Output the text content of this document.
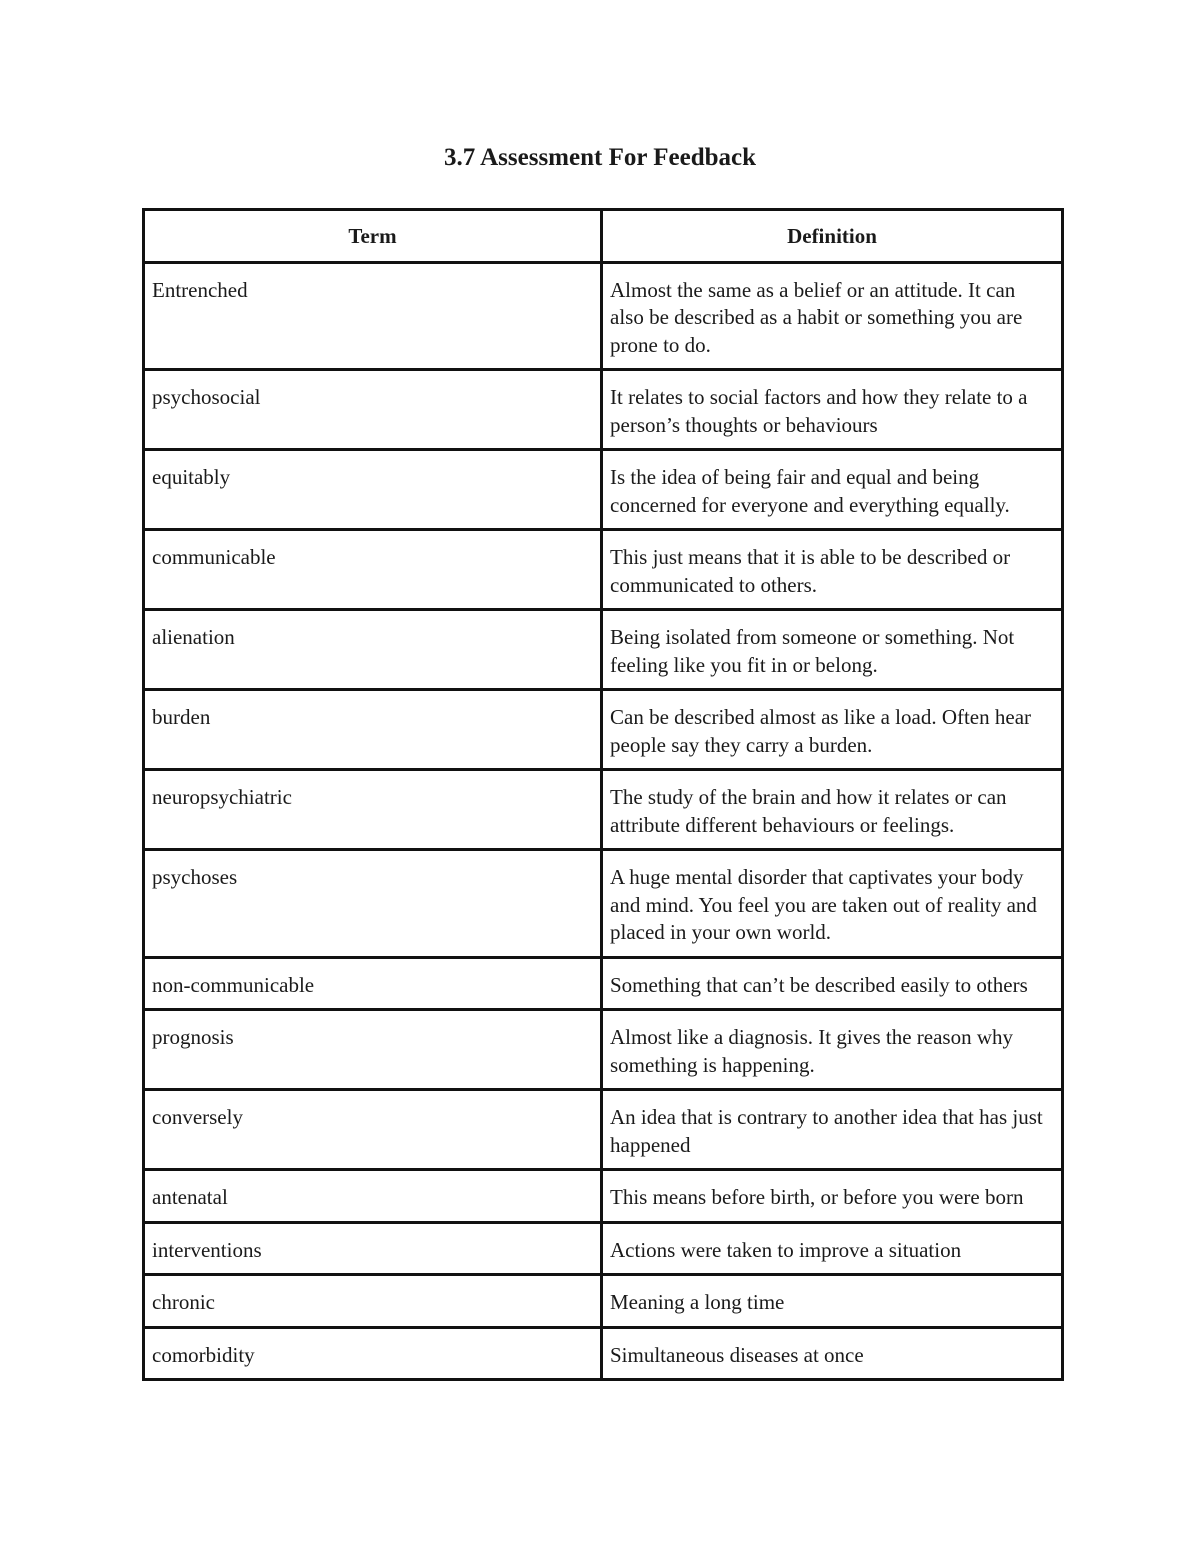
3.7 Assessment For Feedback
Term	Definition
Entrenched	Almost the same as a belief or an attitude. It can also be described as a habit or something you are prone to do.
psychosocial	It relates to social factors and how they relate to a person’s thoughts or behaviours
equitably	Is the idea of being fair and equal and being concerned for everyone and everything equally.
communicable	This just means that it is able to be described or communicated to others.
alienation	Being isolated from someone or something. Not feeling like you fit in or belong.
burden	Can be described almost as like a load. Often hear people say they carry a burden.
neuropsychiatric	The study of the brain and how it relates or can attribute different behaviours or feelings.
psychoses	A huge mental disorder that captivates your body and mind. You feel you are taken out of reality and placed in your own world.
non-communicable	Something that can’t be described easily to others
prognosis	Almost like a diagnosis. It gives the reason why something is happening.
conversely	An idea that is contrary to another idea that has just happened
antenatal	This means before birth, or before you were born
interventions	Actions were taken to improve a situation
chronic	Meaning a long time
comorbidity	Simultaneous diseases at once
